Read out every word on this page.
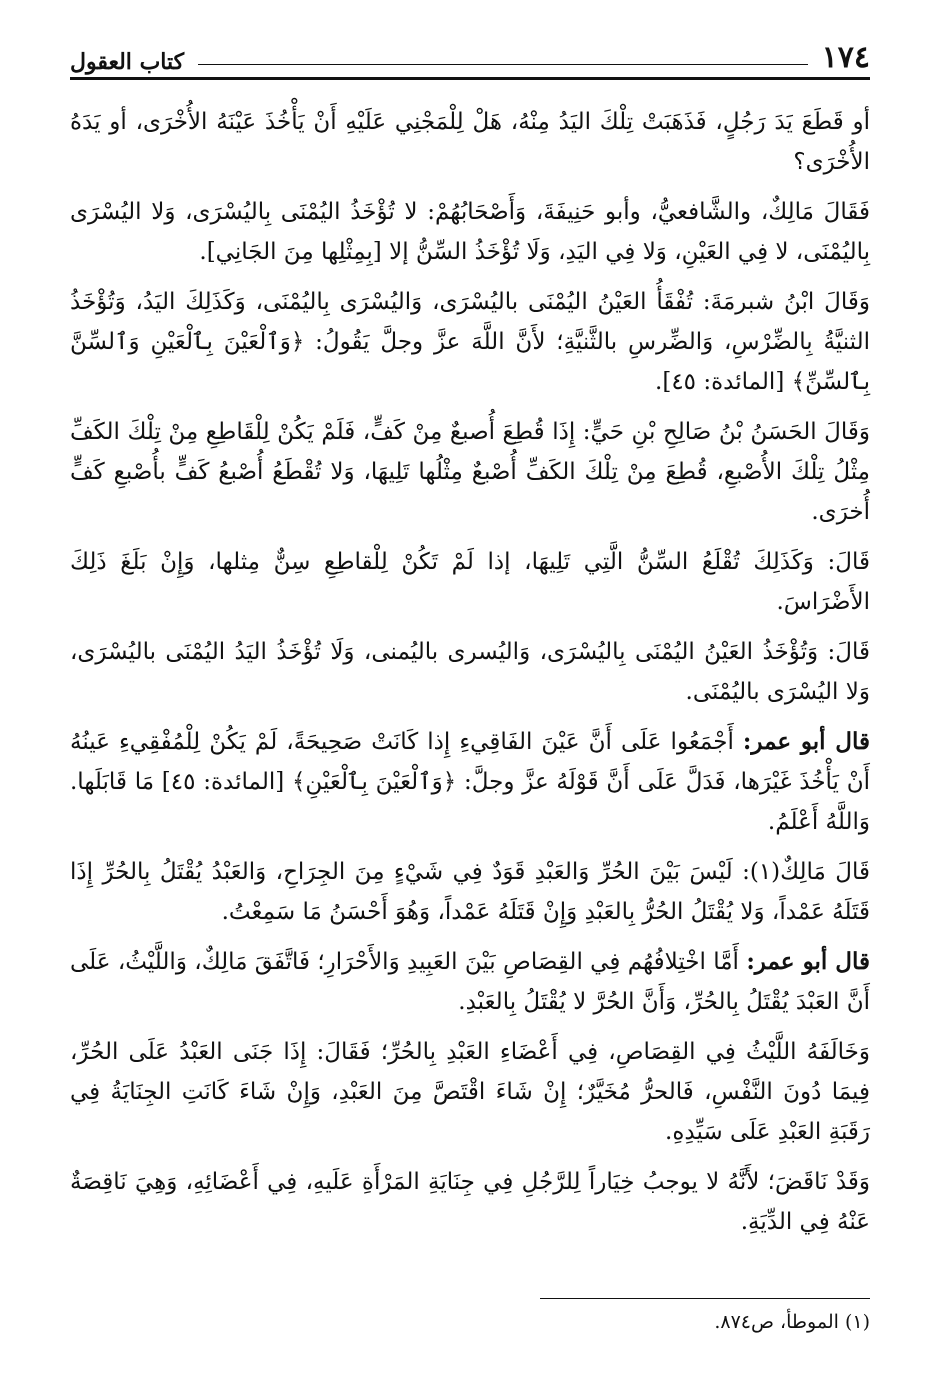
١٧٤
كتاب العقول

أو قَطَعَ يَدَ رَجُلٍ، فَذَهَبَتْ تِلْكَ اليَدُ مِنْهُ، هَلْ لِلْمَجْنِي عَلَيْهِ أَنْ يَأْخُذَ عَيْنَهُ الأُخْرَى، أو يَدَهُ الأُخْرَى؟

فَقَالَ مَالِكٌ، والشَّافعيُّ، وأبو حَنِيفَةَ، وَأَصْحَابُهُمْ: لا تُؤْخَذُ اليُمْنَى بِاليُسْرَى، وَلا اليُسْرَى بِاليُمْنَى، لا فِي العَيْنِ، وَلا فِي اليَدِ، وَلَا تُؤْخَذُ السِّنُّ إلا [بِمِثْلِها مِنَ الجَانِي].

وَقَالَ ابْنُ شبرمَةَ: تُفْقَأُ العَيْنُ اليُمْنَى باليُسْرَى، وَاليُسْرَى بِاليُمْنَى، وَكَذَلِكَ اليَدُ، وَتُؤْخَذُ الثنيَّةُ بِالضِّرْسِ، وَالضِّرسِ بالثَّنيَّةِ؛ لأَنَّ اللَّهَ عزَّ وجلَّ يَقُولُ: ﴿وَٱلْعَيْنَ بِٱلْعَيْنِ وَٱلسِّنَّ بِٱلسِّنِّ﴾ [المائدة: ٤٥].

وَقَالَ الحَسَنُ بْنُ صَالِحِ بْنِ حَيٍّ: إِذَا قُطِعَ أُصبعٌ مِنْ كَفٍّ، فَلَمْ يَكُنْ لِلْقَاطِعِ مِنْ تِلْكَ الكَفِّ مِثْلُ تِلْكَ الأُصْبعِ، قُطِعَ مِنْ تِلْكَ الكَفِّ أُصْبعٌ مِثْلُها تَلِيهَا، وَلا تُقْطَعُ أُصْبعُ كَفٍّ بأُصْبعِ كَفٍّ أُخرَى.

قَالَ: وَكَذَلِكَ تُقْلَعُ السِّنُّ الَّتِي تَلِيهَا، إذا لَمْ تَكُنْ لِلْقاطِعِ سِنٌّ مِثلها، وَإِنْ بَلَغَ ذَلِكَ الأَضْرَاسَ.

قَالَ: وَتُؤْخَذُ العَيْنُ اليُمْنَى بِاليُسْرَى، وَاليُسرى باليُمنى، وَلَا تُؤْخَذُ اليَدُ اليُمْنَى باليُسْرَى، وَلا اليُسْرَى باليُمْنَى.

قال أبو عمر: أَجْمَعُوا عَلَى أَنَّ عَيْنَ الفَاقِيءِ إِذا كَانَتْ صَحِيحَةً، لَمْ يَكُنْ لِلْمُفْقِيءِ عَينُهُ أَنْ يَأْخُذَ غَيْرَها، فَدَلَّ عَلَى أَنَّ قَوْلَهُ عزَّ وجلَّ: ﴿وَٱلْعَيْنَ بِٱلْعَيْنِ﴾ [المائدة: ٤٥] مَا قَابَلَها. وَاللَّهُ أَعْلَمُ.

قَالَ مَالِكٌ(١): لَيْسَ بَيْنَ الحُرِّ وَالعَبْدِ قَوَدٌ فِي شَيْءٍ مِنَ الجِرَاحِ، وَالعَبْدُ يُقْتَلُ بِالحُرِّ إِذَا قَتَلَهُ عَمْداً، وَلا يُقْتَلُ الحُرُّ بِالعَبْدِ وَإِنْ قَتَلَهُ عَمْداً، وَهُوَ أَحْسَنُ مَا سَمِعْتُ.

قال أبو عمر: أَمَّا اخْتِلافُهُم فِي القِصَاصِ بَيْنَ العَبِيدِ وَالأَحْرَارِ؛ فَاتَّفَقَ مَالِكٌ، وَاللَّيْثُ، عَلَى أَنَّ العَبْدَ يُقْتَلُ بِالحُرِّ، وَأَنَّ الحُرَّ لا يُقْتَلُ بِالعَبْدِ.

وَخَالَفَهُ اللَّيْثُ فِي القِصَاصِ، فِي أَعْضَاءِ العَبْدِ بِالحُرِّ؛ فَقَالَ: إِذَا جَنَى العَبْدُ عَلَى الحُرِّ، فِيمَا دُونَ النَّفْسِ، فَالحرُّ مُخَيَّرٌ؛ إِنْ شَاءَ اقْتَصَّ مِنَ العَبْدِ، وَإِنْ شَاءَ كَانَتِ الجِنَايَةُ فِي رَقَبَةِ العَبْدِ عَلَى سَيِّدِهِ.

وَقَدْ نَاقَضَ؛ لأَنَّهُ لا يوجبُ خِيَاراً لِلرَّجُلِ فِي جِنَايَةِ المَرْأَةِ عَلَيهِ، فِي أَعْضَائِهِ، وَهِيَ نَاقِصَةٌ عَنْهُ فِي الدِّيَةِ.

(١) الموطأ، ص٨٧٤.
